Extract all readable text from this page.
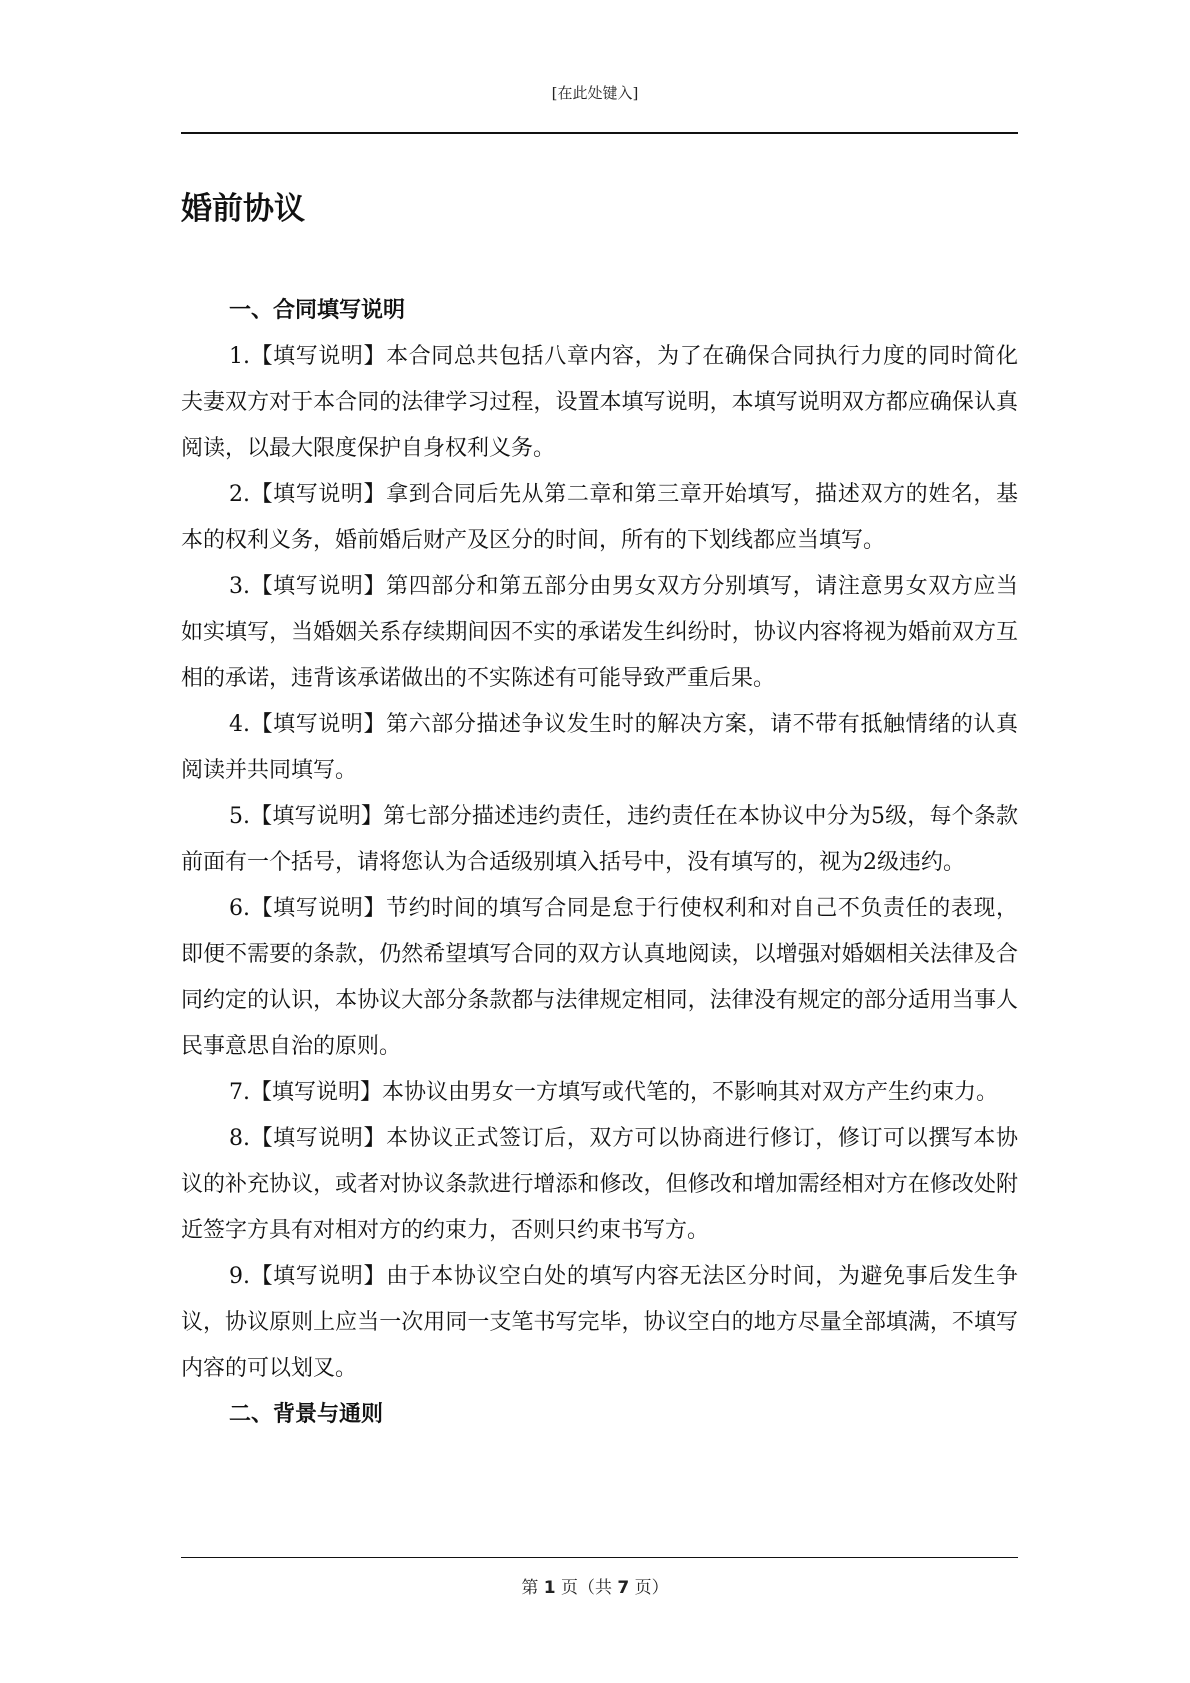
[在此处键入]
婚前协议
一、合同填写说明

1.【填写说明】本合同总共包括八章内容，为了在确保合同执行力度的同时简化夫妻双方对于本合同的法律学习过程，设置本填写说明，本填写说明双方都应确保认真阅读，以最大限度保护自身权利义务。

2.【填写说明】拿到合同后先从第二章和第三章开始填写，描述双方的姓名，基本的权利义务，婚前婚后财产及区分的时间，所有的下划线都应当填写。

3.【填写说明】第四部分和第五部分由男女双方分别填写，请注意男女双方应当如实填写，当婚姻关系存续期间因不实的承诺发生纠纷时，协议内容将视为婚前双方互相的承诺，违背该承诺做出的不实陈述有可能导致严重后果。

4.【填写说明】第六部分描述争议发生时的解决方案，请不带有抵触情绪的认真阅读并共同填写。

5.【填写说明】第七部分描述违约责任，违约责任在本协议中分为5级，每个条款前面有一个括号，请将您认为合适级别填入括号中，没有填写的，视为2级违约。

6.【填写说明】节约时间的填写合同是怠于行使权利和对自己不负责任的表现，即便不需要的条款，仍然希望填写合同的双方认真地阅读，以增强对婚姻相关法律及合同约定的认识，本协议大部分条款都与法律规定相同，法律没有规定的部分适用当事人民事意思自治的原则。

7.【填写说明】本协议由男女一方填写或代笔的，不影响其对双方产生约束力。

8.【填写说明】本协议正式签订后，双方可以协商进行修订，修订可以撰写本协议的补充协议，或者对协议条款进行增添和修改，但修改和增加需经相对方在修改处附近签字方具有对相对方的约束力，否则只约束书写方。

9.【填写说明】由于本协议空白处的填写内容无法区分时间，为避免事后发生争议，协议原则上应当一次用同一支笔书写完毕，协议空白的地方尽量全部填满，不填写内容的可以划叉。

二、背景与通则
第 1 页（共 7 页）
